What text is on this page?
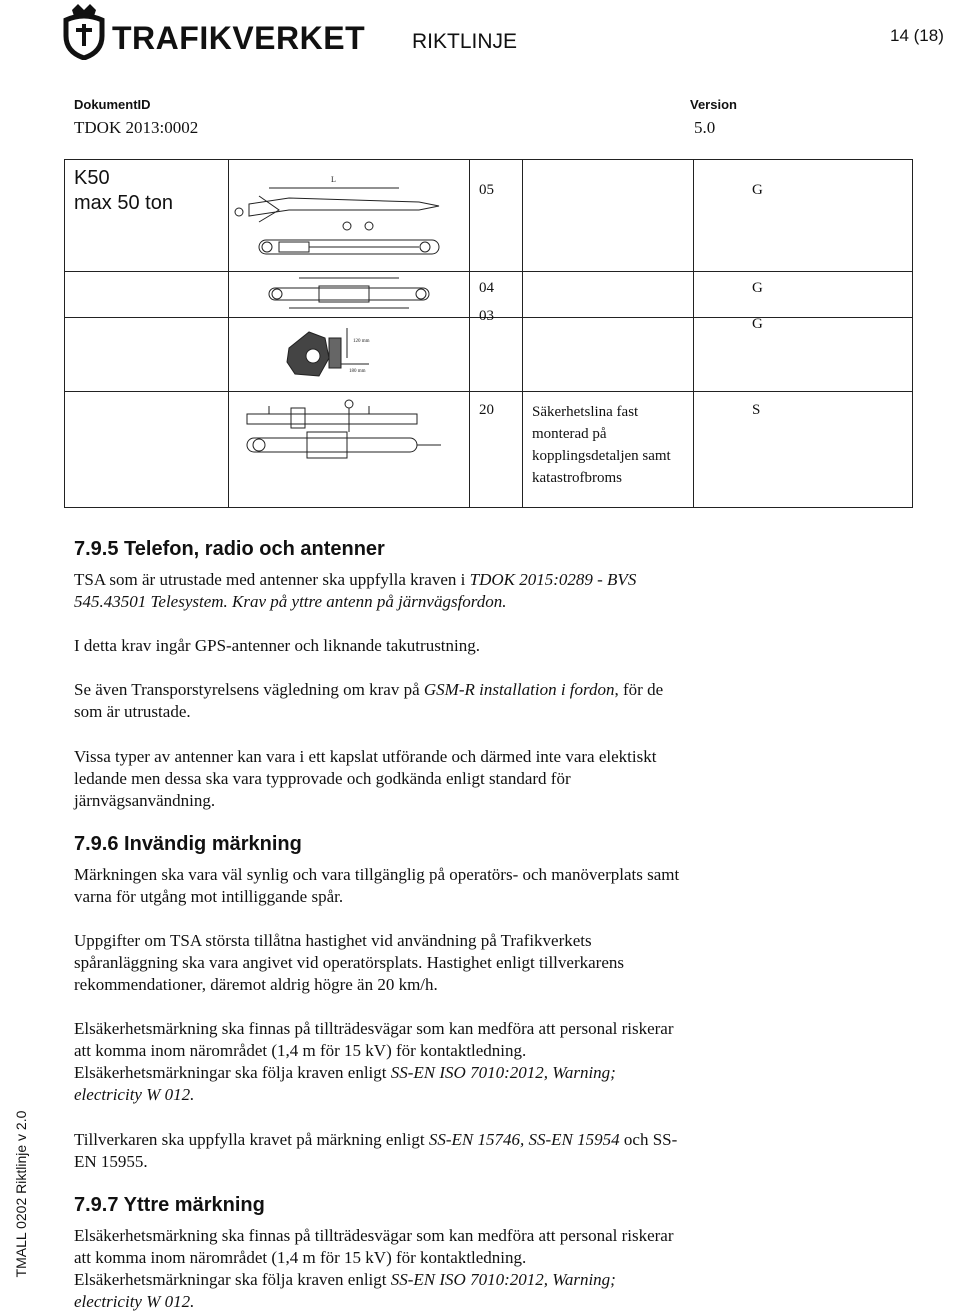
TRAFIKVERKET RIKTLINJE	14 (18)
DokumentID
TDOK 2013:0002
Version
5.0
K50
max 50 ton	L	05		G

04		G

120 mm
180 mm	03		G

20	Säkerhetslina fast
monterad på
kopplingsdetaljen samt
katastrofbroms	S
7.9.5 Telefon, radio och antenner
TSA som är utrustade med antenner ska uppfylla kraven i TDOK 2015:0289 - BVS
545.43501 Telesystem. Krav på yttre antenn på järnvägsfordon.
I detta krav ingår GPS-antenner och liknande takutrustning.
Se även Transporstyrelsens vägledning om krav på GSM-R installation i fordon, för de
som är utrustade.
Vissa typer av antenner kan vara i ett kapslat utförande och därmed inte vara elektiskt
ledande men dessa ska vara typprovade och godkända enligt standard för
järnvägsanvändning.
7.9.6 Invändig märkning
Märkningen ska vara väl synlig och vara tillgänglig på operatörs- och manöverplats samt
varna för utgång mot intilliggande spår.
Uppgifter om TSA största tillåtna hastighet vid användning på Trafikverkets
spåranläggning ska vara angivet vid operatörsplats. Hastighet enligt tillverkarens
rekommendationer, däremot aldrig högre än 20 km/h.
Elsäkerhetsmärkning ska finnas på tillträdesvägar som kan medföra att personal riskerar
att komma inom närområdet (1,4 m för 15 kV) för kontaktledning.
Elsäkerhetsmärkningar ska följa kraven enligt SS-EN ISO 7010:2012, Warning;
electricity W 012.
Tillverkaren ska uppfylla kravet på märkning enligt SS-EN 15746, SS-EN 15954 och SS-
EN 15955.
7.9.7 Yttre märkning
Elsäkerhetsmärkning ska finnas på tillträdesvägar som kan medföra att personal riskerar
att komma inom närområdet (1,4 m för 15 kV) för kontaktledning.
Elsäkerhetsmärkningar ska följa kraven enligt SS-EN ISO 7010:2012, Warning;
electricity W 012.
TMALL 0202 Riktlinje v 2.0
